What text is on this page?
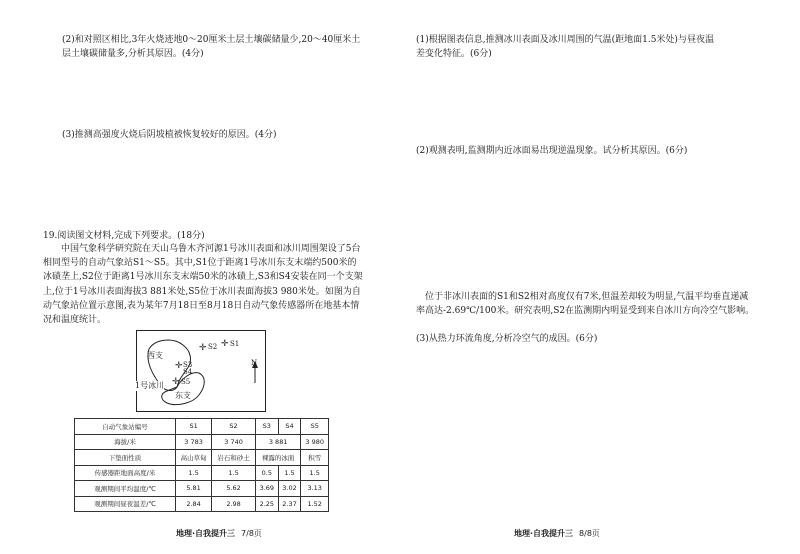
(2)和对照区相比,3年火烧迹地0～20厘米土层土壤碳储量少,20～40厘米土
层土壤碳储量多,分析其原因。(4分)
(3)推测高强度火烧后阴坡植被恢复较好的原因。(4分)
19.阅读图文材料,完成下列要求。(18分)
中国气象科学研究院在天山乌鲁木齐河源1号冰川表面和冰川周围架设了5台相同型号的自动气象站S1～S5。其中,S1位于距离1号冰川东支末端约500米的冰碛垄上,S2位于距离1号冰川东支末端50米的冰碛上,S3和S4安装在同一个支架上,位于1号冰川表面海拔3 881米处,S5位于冰川表面海拔3 980米处。如图为自动气象站位置示意图,表为某年7月18日至8月18日自动气象传感器所在地基本情况和温度统计。
西支
1号冰川
东支
N
✛ S1
✛ S2
✛ S3
S4
✛ S5
自动气象站编号	S1	S2	S3	S4	S5
海拔/米	3 783	3 740	3 881		3 980
下垫面性质	高山草甸	岩石和砂土	裸露的冰面		积雪
传感器距地面高度/米	1.5	1.5	0.5	1.5	1.5
观测期间平均温度/℃	5.81	5.62	3.69	3.02	3.13
观测期间昼夜温差/℃	2.84	2.98	2.25	2.37	1.52
地理·自我提升三 7/8页
(1)根据图表信息,推测冰川表面及冰川周围的气温(距地面1.5米处)与昼夜温
差变化特征。(6分)
(2)观测表明,监测期内近冰面易出现逆温现象。试分析其原因。(6分)
位于非冰川表面的S1和S2相对高度仅有7米,但温差却较为明显,气温平均垂直递减率高达-2.69℃/100米。研究表明,S2在监测期内明显受到来自冰川方向冷空气影响。
(3)从热力环流角度,分析冷空气的成因。(6分)
地理·自我提升三 8/8页
